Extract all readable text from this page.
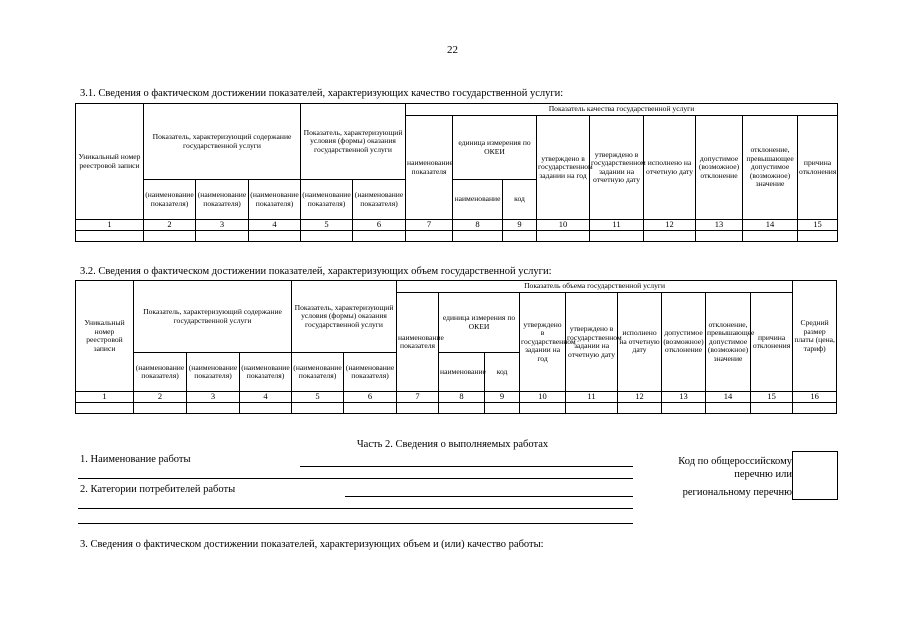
22
3.1. Сведения о фактическом достижении показателей, характеризующих качество государственной услуги:
Уникальный номер реестровой записи	Показатель, характеризующий содержание государственной услуги			Показатель, характеризующий условия (формы) оказания государственной услуги		Показатель качества государственной услуги								
						наименование показателя	единица измерения по ОКЕИ		утверждено в государственном задании на год	утверждено в государственном задании на отчетную дату	исполнено на отчетную дату	допустимое (возможное) отклонение	отклонение, превышающее допустимое (возможное) значение	причина отклонения
	(наименование показателя)	(наименование показателя)	(наименование показателя)	(наименование показателя)	(наименование показателя)		наименование	код						
1	2	3	4	5	6	7	8	9	10	11	12	13	14	15

3.2. Сведения о фактическом достижении показателей, характеризующих объем государственной услуги:
Уникальный номер реестровой записи	Показатель, характеризующий содержание государственной услуги			Показатель, характеризующий условия (формы) оказания государственной услуги		Показатель объема государственной услуги									Средний размер платы (цена, тариф)
						наименование показателя	единица измерения по ОКЕИ		утверждено в государственном задании на год	утверждено в государственном задании на отчетную дату	исполнено на отчетную дату	допустимое (возможное) отклонение	отклонение, превышающее допустимое (возможное) значение	причина отклонения	
	(наименование показателя)	(наименование показателя)	(наименование показателя)	(наименование показателя)	(наименование показателя)		наименование	код							
1	2	3	4	5	6	7	8	9	10	11	12	13	14	15	16

Часть 2. Сведения о выполняемых работах
1. Наименование работы
2. Категории потребителей работы
Код по общероссийскому
перечню или
региональному перечню
3. Сведения о фактическом достижении показателей, характеризующих объем и (или) качество работы:
